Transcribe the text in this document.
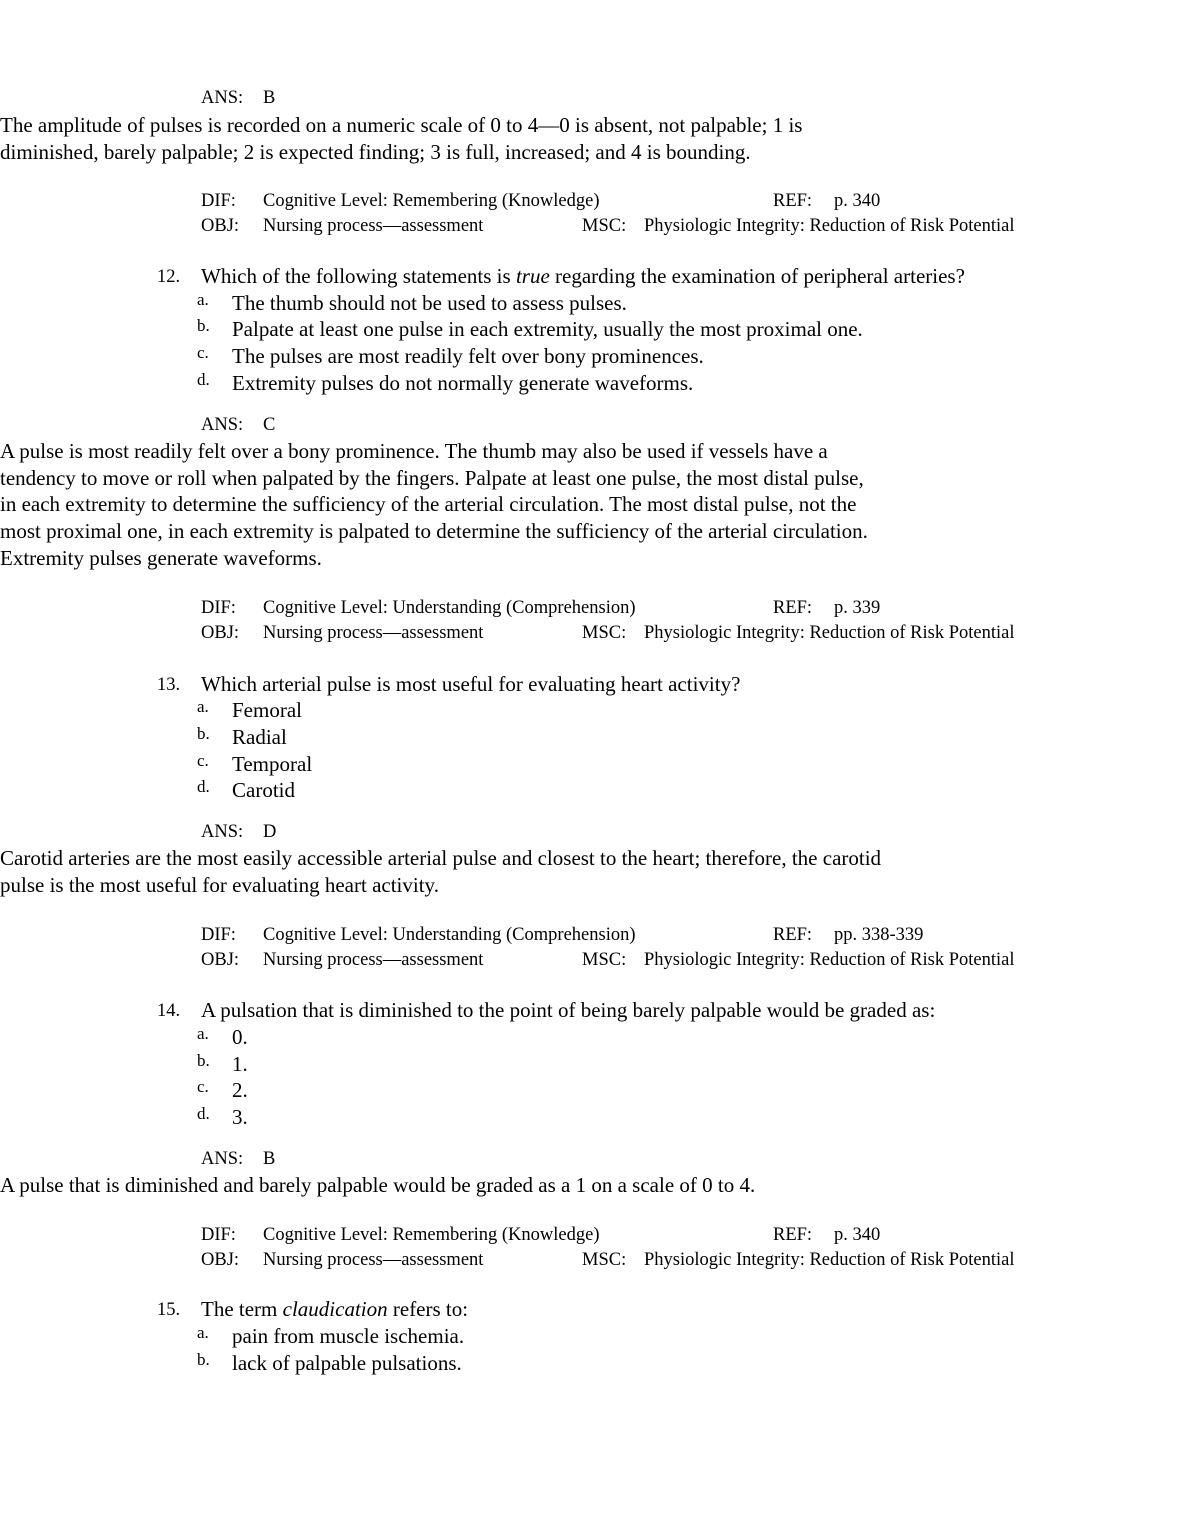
ANS: B
The amplitude of pulses is recorded on a numeric scale of 0 to 4—0 is absent, not palpable; 1 is diminished, barely palpable; 2 is expected finding; 3 is full, increased; and 4 is bounding.
DIF: Cognitive Level: Remembering (Knowledge)	REF: p. 340
OBJ: Nursing process—assessment	MSC: Physiologic Integrity: Reduction of Risk Potential
12. Which of the following statements is true regarding the examination of peripheral arteries?
a. The thumb should not be used to assess pulses.
b. Palpate at least one pulse in each extremity, usually the most proximal one.
c. The pulses are most readily felt over bony prominences.
d. Extremity pulses do not normally generate waveforms.
ANS: C
A pulse is most readily felt over a bony prominence. The thumb may also be used if vessels have a tendency to move or roll when palpated by the fingers. Palpate at least one pulse, the most distal pulse, in each extremity to determine the sufficiency of the arterial circulation. The most distal pulse, not the most proximal one, in each extremity is palpated to determine the sufficiency of the arterial circulation. Extremity pulses generate waveforms.
DIF: Cognitive Level: Understanding (Comprehension)	REF: p. 339
OBJ: Nursing process—assessment	MSC: Physiologic Integrity: Reduction of Risk Potential
13. Which arterial pulse is most useful for evaluating heart activity?
a. Femoral
b. Radial
c. Temporal
d. Carotid
ANS: D
Carotid arteries are the most easily accessible arterial pulse and closest to the heart; therefore, the carotid pulse is the most useful for evaluating heart activity.
DIF: Cognitive Level: Understanding (Comprehension)	REF: pp. 338-339
OBJ: Nursing process—assessment	MSC: Physiologic Integrity: Reduction of Risk Potential
14. A pulsation that is diminished to the point of being barely palpable would be graded as:
a. 0.
b. 1.
c. 2.
d. 3.
ANS: B
A pulse that is diminished and barely palpable would be graded as a 1 on a scale of 0 to 4.
DIF: Cognitive Level: Remembering (Knowledge)	REF: p. 340
OBJ: Nursing process—assessment	MSC: Physiologic Integrity: Reduction of Risk Potential
15. The term claudication refers to:
a. pain from muscle ischemia.
b. lack of palpable pulsations.
